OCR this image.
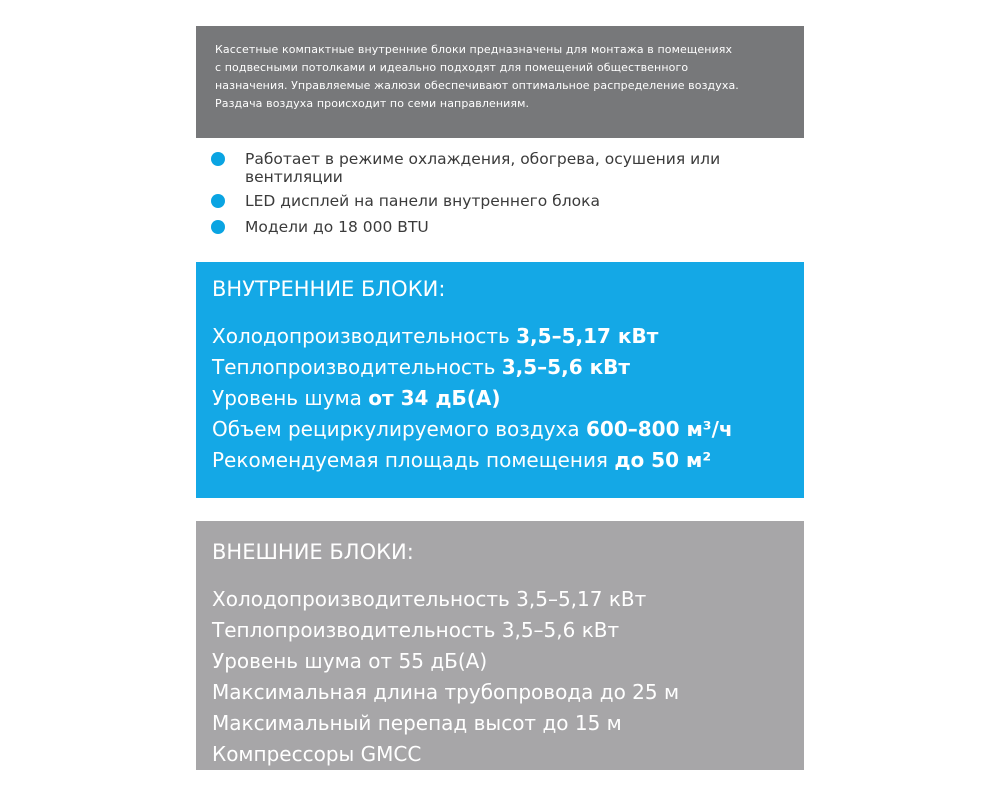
Кассетные компактные внутренние блоки предназначены для монтажа в помещениях
с подвесными потолками и идеально подходят для помещений общественного
назначения. Управляемые жалюзи обеспечивают оптимальное распределение воздуха.
Раздача воздуха происходит по семи направлениям.
Работает в режиме охлаждения, обогрева, осушения или
вентиляции
LED дисплей на панели внутреннего блока
Модели до 18 000 BTU
ВНУТРЕННИЕ БЛОКИ:
Холодопроизводительность 3,5–5,17 кВт
Теплопроизводительность 3,5–5,6 кВт
Уровень шума от 34 дБ(А)
Объем рециркулируемого воздуха 600–800 м³/ч
Рекомендуемая площадь помещения до 50 м²
ВНЕШНИЕ БЛОКИ:
Холодопроизводительность 3,5–5,17 кВт
Теплопроизводительность 3,5–5,6 кВт
Уровень шума от 55 дБ(А)
Максимальная длина трубопровода до 25 м
Максимальный перепад высот до 15 м
Компрессоры GMCC
